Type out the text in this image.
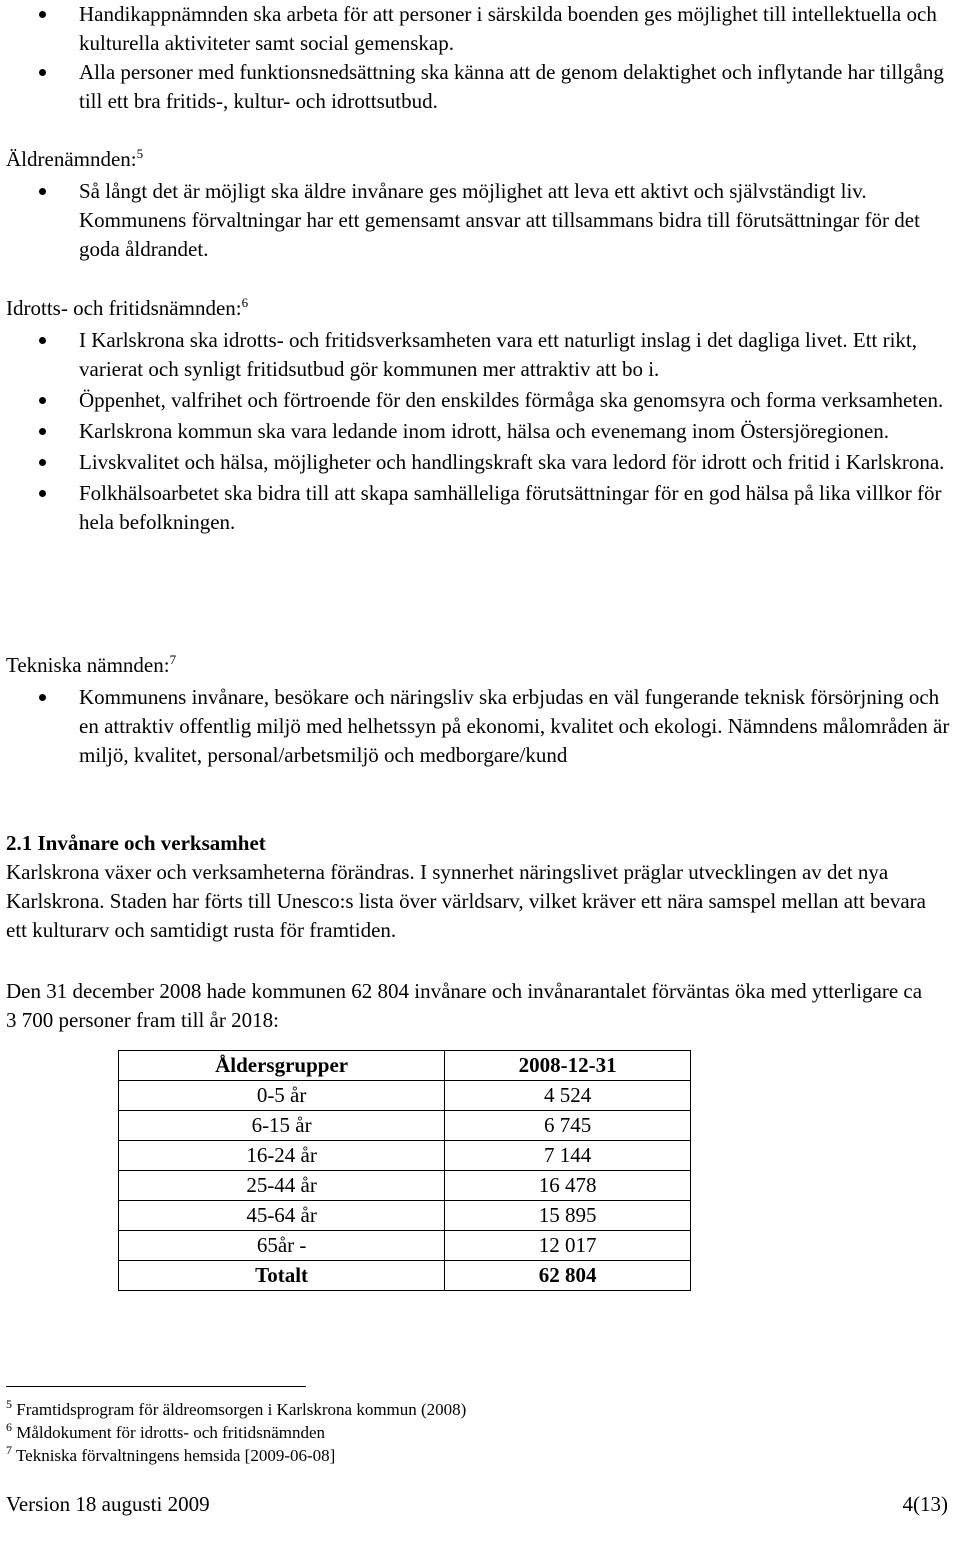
Handikappnämnden ska arbeta för att personer i särskilda boenden ges möjlighet till intellektuella och kulturella aktiviteter samt social gemenskap.
Alla personer med funktionsnedsättning ska känna att de genom delaktighet och inflytande har tillgång till ett bra fritids-, kultur- och idrottsutbud.
Äldrenämnden:$^5$
Så långt det är möjligt ska äldre invånare ges möjlighet att leva ett aktivt och självständigt liv. Kommunens förvaltningar har ett gemensamt ansvar att tillsammans bidra till förutsättningar för det goda åldrandet.
Idrotts- och fritidsnämnden:$^6$
I Karlskrona ska idrotts- och fritidsverksamheten vara ett naturligt inslag i det dagliga livet. Ett rikt, varierat och synligt fritidsutbud gör kommunen mer attraktiv att bo i.
Öppenhet, valfrihet och förtroende för den enskildes förmåga ska genomsyra och forma verksamheten.
Karlskrona kommun ska vara ledande inom idrott, hälsa och evenemang inom Östersjöregionen.
Livskvalitet och hälsa, möjligheter och handlingskraft ska vara ledord för idrott och fritid i Karlskrona.
Folkhälsoarbetet ska bidra till att skapa samhälleliga förutsättningar för en god hälsa på lika villkor för hela befolkningen.
Tekniska nämnden:$^7$
Kommunens invånare, besökare och näringsliv ska erbjudas en väl fungerande teknisk försörjning och en attraktiv offentlig miljö med helhetssyn på ekonomi, kvalitet och ekologi. Nämndens målområden är miljö, kvalitet, personal/arbetsmiljö och medborgare/kund
2.1 Invånare och verksamhet
Karlskrona växer och verksamheterna förändras. I synnerhet näringslivet präglar utvecklingen av det nya Karlskrona. Staden har förts till Unesco:s lista över världsarv, vilket kräver ett nära samspel mellan att bevara ett kulturarv och samtidigt rusta för framtiden.
Den 31 december 2008 hade kommunen 62 804 invånare och invånarantalet förväntas öka med ytterligare ca 3 700 personer fram till år 2018:
Åldersgrupper	2008-12-31
0-5 år	4 524
6-15 år	6 745
16-24 år	7 144
25-44 år	16 478
45-64 år	15 895
65år -	12 017
Totalt	62 804
$^5$ Framtidsprogram för äldreomsorgen i Karlskrona kommun (2008)
$^6$ Måldokument för idrotts- och fritidsnämnden
$^7$ Tekniska förvaltningens hemsida [2009-06-08]
Version 18 augusti 2009	4(13)
